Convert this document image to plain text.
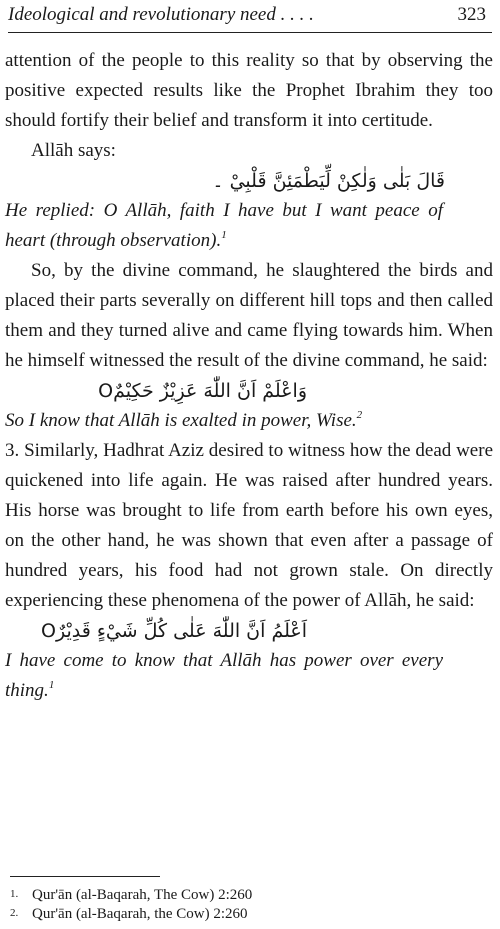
Ideological and revolutionary need . . . .	323

attention of the people to this reality so that by observing the positive expected results like the Prophet Ibrahim they too should fortify their belief and transform it into certitude.

Allāh says:

قَالَ بَلٰى وَلٰكِنْ لِّيَطْمَئِنَّ قَلْبِيْ ۔

He replied: O Allāh, faith I have but I want peace of heart (through observation).$^1$

So, by the divine command, he slaughtered the birds and placed their parts severally on different hill tops and then called them and they turned alive and came flying towards him. When he himself witnessed the result of the divine command, he said:

وَاعْلَمْ اَنَّ اللّٰهَ عَزِيْزٌ حَكِيْمٌO

So I know that Allāh is exalted in power, Wise.$^2$

3. Similarly, Hadhrat Aziz desired to witness how the dead were quickened into life again. He was raised after hundred years. His horse was brought to life from earth before his own eyes, on the other hand, he was shown that even after a passage of hundred years, his food had not grown stale. On directly experiencing these phenomena of the power of Allāh, he said:

اَعْلَمُ اَنَّ اللّٰهَ عَلٰى كُلِّ شَيْءٍ قَدِيْرٌO

I have come to know that Allāh has power over every thing.$^1$

1. Qur'ān (al-Baqarah, The Cow) 2:260
2. Qur'ān (al-Baqarah, the Cow) 2:260
